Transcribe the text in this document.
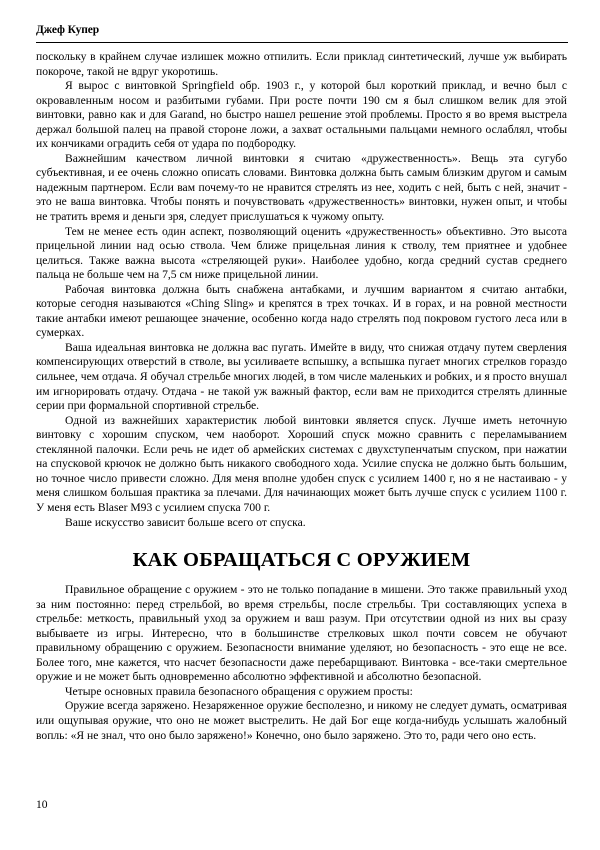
Джеф Купер

поскольку в крайнем случае излишек можно отпилить. Если приклад синтетический, лучше уж выбирать покороче, такой не вдруг укоротишь.

Я вырос с винтовкой Springfield обр. 1903 г., у которой был короткий приклад, и вечно был с окровавленным носом и разбитыми губами. При росте почти 190 см я был слишком велик для этой винтовки, равно как и для Garand, но быстро нашел решение этой проблемы. Просто я во время выстрела держал большой палец на правой стороне ложи, а захват остальными пальцами немного ослаблял, чтобы их кончиками оградить себя от удара по подбородку.

Важнейшим качеством личной винтовки я считаю «дружественность». Вещь эта сугубо субъективная, и ее очень сложно описать словами. Винтовка должна быть самым близким другом и самым надежным партнером. Если вам почему-то не нравится стрелять из нее, ходить с ней, быть с ней, значит - это не ваша винтовка. Чтобы понять и почувствовать «дружественность» винтовки, нужен опыт, и чтобы не тратить время и деньги зря, следует прислушаться к чужому опыту.

Тем не менее есть один аспект, позволяющий оценить «дружественность» объективно. Это высота прицельной линии над осью ствола. Чем ближе прицельная линия к стволу, тем приятнее и удобнее целиться. Также важна высота «стреляющей руки». Наиболее удобно, когда средний сустав среднего пальца не больше чем на 7,5 см ниже прицельной линии.

Рабочая винтовка должна быть снабжена антабками, и лучшим вариантом я считаю антабки, которые сегодня называются «Ching Sling» и крепятся в трех точках. И в горах, и на ровной местности такие антабки имеют решающее значение, особенно когда надо стрелять под покровом густого леса или в сумерках.

Ваша идеальная винтовка не должна вас пугать. Имейте в виду, что снижая отдачу путем сверления компенсирующих отверстий в стволе, вы усиливаете вспышку, а вспышка пугает многих стрелков гораздо сильнее, чем отдача. Я обучал стрельбе многих людей, в том числе маленьких и робких, и я просто внушал им игнорировать отдачу. Отдача - не такой уж важный фактор, если вам не приходится стрелять длинные серии при формальной спортивной стрельбе.

Одной из важнейших характеристик любой винтовки является спуск. Лучше иметь неточную винтовку с хорошим спуском, чем наоборот. Хороший спуск можно сравнить с переламыванием стеклянной палочки. Если речь не идет об армейских системах с двухступенчатым спуском, при нажатии на спусковой крючок не должно быть никакого свободного хода. Усилие спуска не должно быть большим, но точное число привести сложно. Для меня вполне удобен спуск с усилием 1400 г, но я не настаиваю - у меня слишком большая практика за плечами. Для начинающих может быть лучше спуск с усилием 1100 г. У меня есть Blaser M93 с усилием спуска 700 г.

Ваше искусство зависит больше всего от спуска.

КАК ОБРАЩАТЬСЯ С ОРУЖИЕМ

Правильное обращение с оружием - это не только попадание в мишени. Это также правильный уход за ним постоянно: перед стрельбой, во время стрельбы, после стрельбы. Три составляющих успеха в стрельбе: меткость, правильный уход за оружием и ваш разум. При отсутствии одной из них вы сразу выбываете из игры. Интересно, что в большинстве стрелковых школ почти совсем не обучают правильному обращению с оружием. Безопасности внимание уделяют, но безопасность - это еще не все. Более того, мне кажется, что насчет безопасности даже перебарщивают. Винтовка - все-таки смертельное оружие и не может быть одновременно абсолютно эффективной и абсолютно безопасной.

Четыре основных правила безопасного обращения с оружием просты:

Оружие всегда заряжено. Незаряженное оружие бесполезно, и никому не следует думать, осматривая или ощупывая оружие, что оно не может выстрелить. Не дай Бог еще когда-нибудь услышать жалобный вопль: «Я не знал, что оно было заряжено!» Конечно, оно было заряжено. Это то, ради чего оно есть.

10
